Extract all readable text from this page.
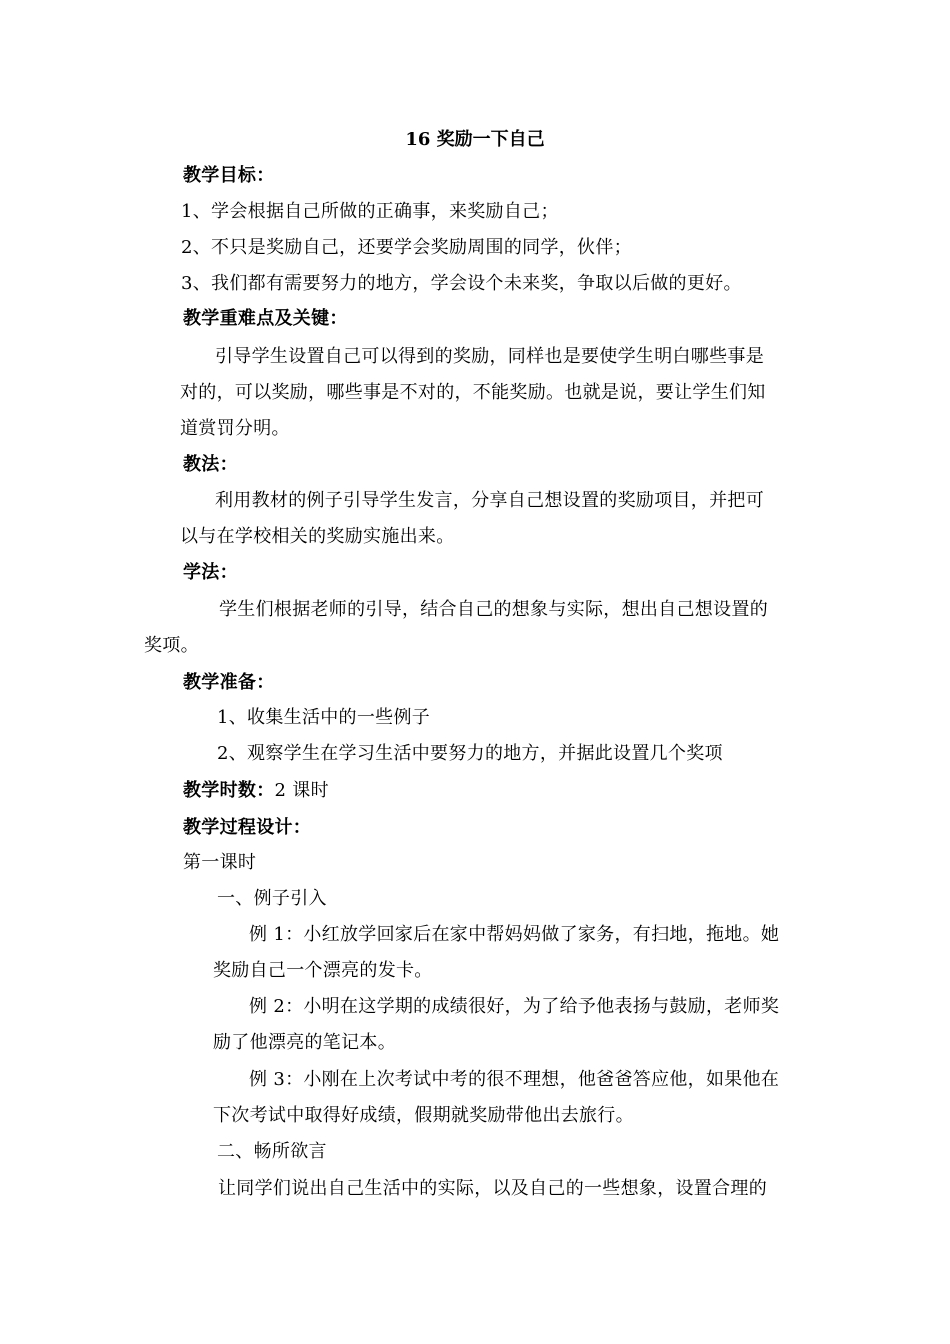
16 奖励一下自己
教学目标：
1、学会根据自己所做的正确事，来奖励自己；
2、不只是奖励自己，还要学会奖励周围的同学，伙伴；
3、我们都有需要努力的地方，学会设个未来奖，争取以后做的更好。
教学重难点及关键：
引导学生设置自己可以得到的奖励，同样也是要使学生明白哪些事是
对的，可以奖励，哪些事是不对的，不能奖励。也就是说，要让学生们知
道赏罚分明。
教法：
利用教材的例子引导学生发言，分享自己想设置的奖励项目，并把可
以与在学校相关的奖励实施出来。
学法：
学生们根据老师的引导，结合自己的想象与实际，想出自己想设置的
奖项。
教学准备：
1、收集生活中的一些例子
2、观察学生在学习生活中要努力的地方，并据此设置几个奖项
教学时数：2 课时
教学过程设计：
第一课时
一、例子引入
例 1：小红放学回家后在家中帮妈妈做了家务，有扫地，拖地。她
奖励自己一个漂亮的发卡。
例 2：小明在这学期的成绩很好，为了给予他表扬与鼓励，老师奖
励了他漂亮的笔记本。
例 3：小刚在上次考试中考的很不理想，他爸爸答应他，如果他在
下次考试中取得好成绩，假期就奖励带他出去旅行。
二、畅所欲言
让同学们说出自己生活中的实际，以及自己的一些想象，设置合理的
